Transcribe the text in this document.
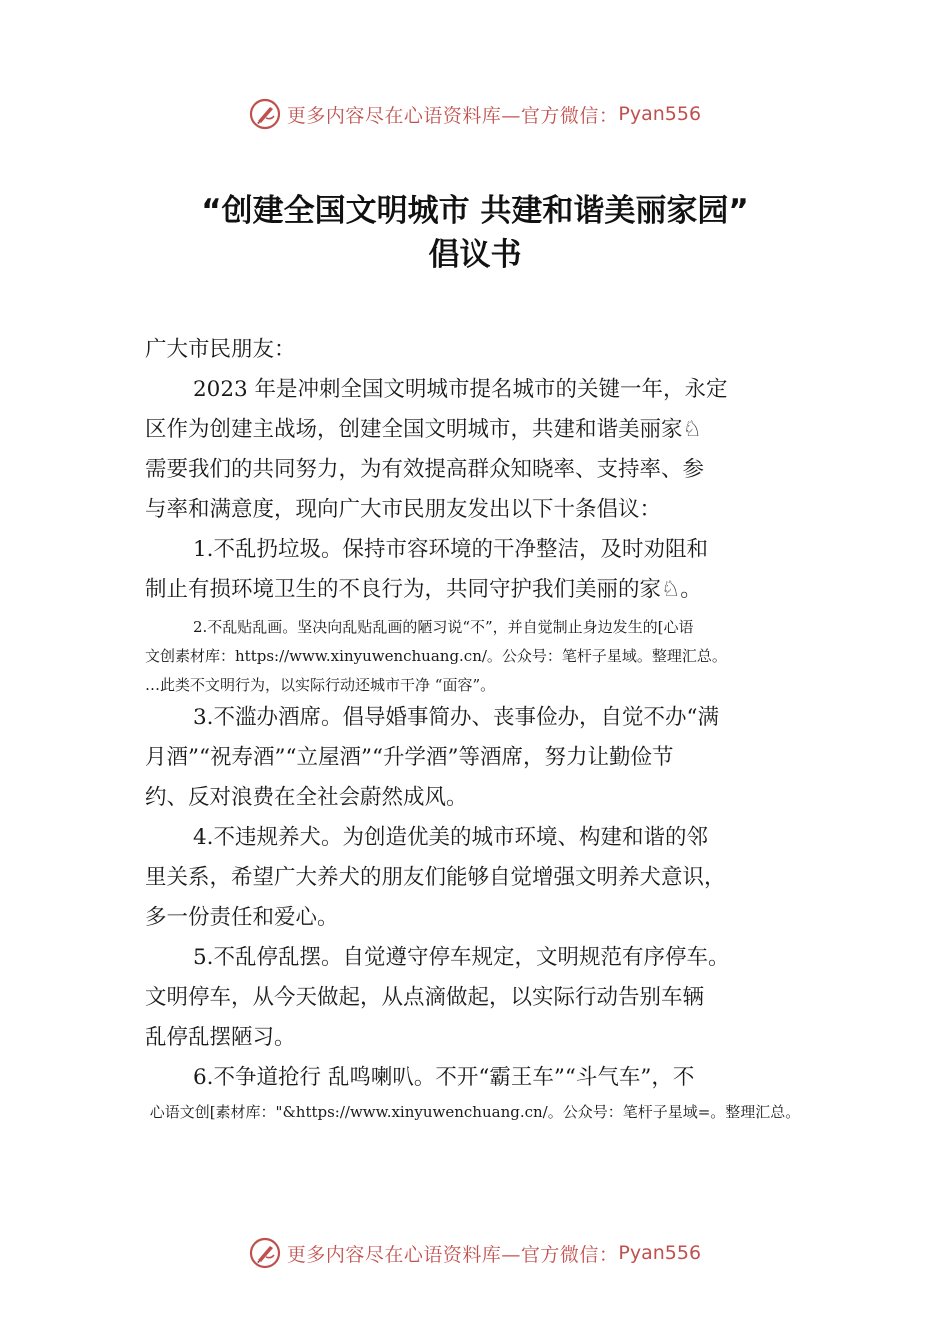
更多内容尽在心语资料库—官方微信： Pyan556
“创建全国文明城市 共建和谐美丽家园”
倡议书

广大市民朋友：

2023 年是冲刺全国文明城市提名城市的关键一年，永定

区作为创建主战场，创建全国文明城市，共建和谐美丽家♘

需要我们的共同努力，为有效提高群众知晓率、支持率、参

与率和满意度，现向广大市民朋友发出以下十条倡议：

1.不乱扔垃圾。保持市容环境的干净整洁，及时劝阻和

制止有损环境卫生的不良行为，共同守护我们美丽的家♘。

2.不乱贴乱画。坚决向乱贴乱画的陋习说“不”，并自觉制止身边发生的[心语

文创素材库：https://www.xinyuwenchuang.cn/。公众号：笔杆子星域。整理汇总。

…此类不文明行为，以实际行动还城市干净 “面容”。

3.不滥办酒席。倡导婚事简办、丧事俭办，自觉不办“满

月酒”“祝寿酒”“立屋酒”“升学酒”等酒席，努力让勤俭节

约、反对浪费在全社会蔚然成风。

4.不违规养犬。为创造优美的城市环境、构建和谐的邻

里关系，希望广大养犬的朋友们能够自觉增强文明养犬意识，

多一份责任和爱心。

5.不乱停乱摆。自觉遵守停车规定，文明规范有序停车。

文明停车，从今天做起，从点滴做起，以实际行动告别车辆

乱停乱摆陋习。

6.不争道抢行 乱鸣喇叭。不开“霸王车”“斗气车”，不

心语文创[素材库："&https://www.xinyuwenchuang.cn/。公众号：笔杆子星域=。整理汇总。
更多内容尽在心语资料库—官方微信： Pyan556
